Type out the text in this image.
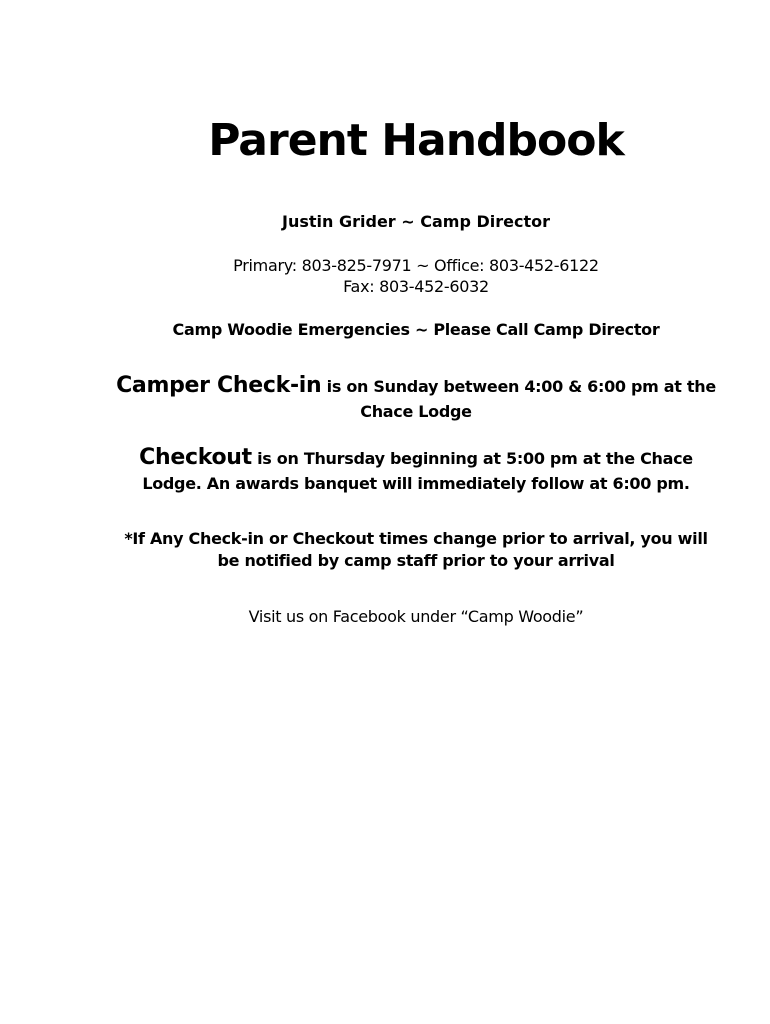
Parent Handbook
Justin Grider ~ Camp Director
Primary: 803-825-7971 ~ Office: 803-452-6122
Fax: 803-452-6032
Camp Woodie Emergencies ~ Please Call Camp Director
Camper Check-in is on Sunday between 4:00 & 6:00 pm at the
Chace Lodge
Checkout is on Thursday beginning at 5:00 pm at the Chace
Lodge. An awards banquet will immediately follow at 6:00 pm.
*If Any Check-in or Checkout times change prior to arrival, you will
be notified by camp staff prior to your arrival
Visit us on Facebook under “Camp Woodie”
